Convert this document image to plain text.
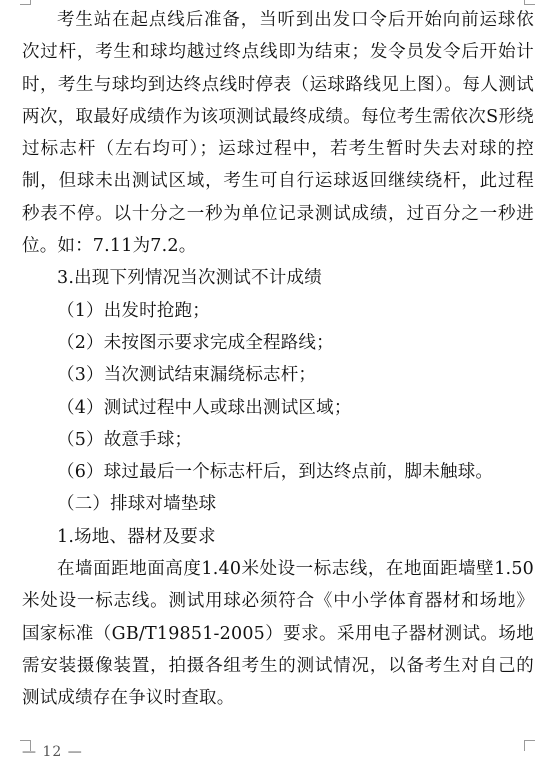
考生站在起点线后准备，当听到出发口令后开始向前运球依次过杆，考生和球均越过终点线即为结束；发令员发令后开始计时，考生与球均到达终点线时停表（运球路线见上图）。每人测试两次，取最好成绩作为该项测试最终成绩。每位考生需依次S形绕过标志杆（左右均可）；运球过程中，若考生暂时失去对球的控制，但球未出测试区域，考生可自行运球返回继续绕杆，此过程秒表不停。以十分之一秒为单位记录测试成绩，过百分之一秒进位。如：7.11为7.2。

3.出现下列情况当次测试不计成绩

（1）出发时抢跑；

（2）未按图示要求完成全程路线；

（3）当次测试结束漏绕标志杆；

（4）测试过程中人或球出测试区域；

（5）故意手球；

（6）球过最后一个标志杆后，到达终点前，脚未触球。

（二）排球对墙垫球

1.场地、器材及要求

在墙面距地面高度1.40米处设一标志线，在地面距墙壁1.50米处设一标志线。测试用球必须符合《中小学体育器材和场地》国家标准（GB/T19851-2005）要求。采用电子器材测试。场地需安装摄像装置，拍摄各组考生的测试情况，以备考生对自己的测试成绩存在争议时查取。

— 12 —
